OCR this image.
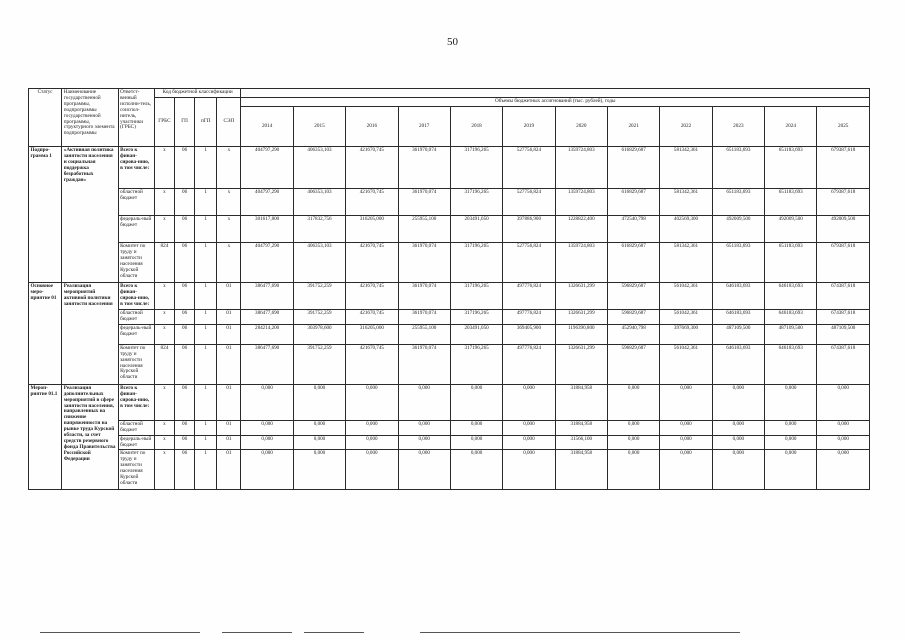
50
Статус	Наименование государственной программы, подпрограммы государственной программы, структурного элемента подпрограммы	Ответст-венный исполни-тель, соиспол-нитель, участники (ГРБС)	Код бюджетной классификации															
			ГРБС	ГП	пГП	СЭП	Объемы бюджетных ассигнований (тыс. рублей), годы											
							2014	2015	2016	2017	2018	2019	2020	2021	2022	2023	2024	2025
Подпро-грамма 1	«Активная политика занятости населения и социальная поддержка безработных граждан»	Всего к финан-сирова-нию, в том числе:	х	06	1	х	404797,290	406353,103	421670,745	361970,074	317196,265	527756,824	1359724,803	616829,687	581342,361	651183,693	651183,693	679387,618
		областной бюджет	х	06	1	х	404797,290	406353,103	421670,745	361970,074	317196,265	527756,824	1359724,803	616829,687	581342,361	651183,693	651183,693	679387,618
		федераль-ный бюджет	х	06	1	х	301617,800	317832,756	316205,000	255955,100	203491,050	397886,900	1228822,400	472540,798	402569,300	492009,500	492009,500	492009,500
		Комитет по труду и занятости населения Курской области	824	06	1	х	404797,290	406353,103	421670,745	361970,074	317196,265	527756,824	1359724,803	616829,687	581342,361	651183,693	651183,693	679387,618
Основное меро-приятие 01	Реализация мероприятий активной политики занятости населения	Всего к финан-сирова-нию, в том числе:	х	06	1	01	386477,690	391752,259	421670,745	361970,074	317196,265	497776,824	1326631,299	596829,687	561042,361	646183,693	646183,693	674387,618
		областной бюджет	х	06	1	01	386477,690	391752,259	421670,745	361970,074	317196,265	497776,824	1326631,299	596829,687	561042,361	646183,693	646183,693	674387,618
		федераль-ный бюджет	х	06	1	01	284214,200	303978,600	316205,000	255955,100	203491,050	369405,900	1196390,800	452940,798	397669,300	487109,500	487109,500	487109,500
		Комитет по труду и занятости населения Курской области	824	06	1	01	386477,690	391752,259	421670,745	361970,074	317196,265	497776,824	1326631,299	596829,687	561042,361	646183,693	646183,693	674387,618
Мероп-риятие 01.1	Реализация дополнительных мероприятий в сфере занятости населения, направленных на снижение напряженности на рынке труда Курской области, за счет средств резервного фонда Правительства Российской Федерации	Всего к финан-сирова-нию, в том числе:	х	06	1	01	0,000	0,000	0,000	0,000	0,000	0,000	31884,958	0,000	0,000	0,000	0,000	0,000
		областной бюджет	х	06	1	01	0,000	0,000	0,000	0,000	0,000	0,000	31884,958	0,000	0,000	0,000	0,000	0,000
		федераль-ный бюджет	х	06	1	01	0,000	0,000	0,000	0,000	0,000	0,000	31566,100	0,000	0,000	0,000	0,000	0,000
		Комитет по труду и занятости населения Курской области	х	06	1	01	0,000	0,000	0,000	0,000	0,000	0,000	31884,958	0,000	0,000	0,000	0,000	0,000
